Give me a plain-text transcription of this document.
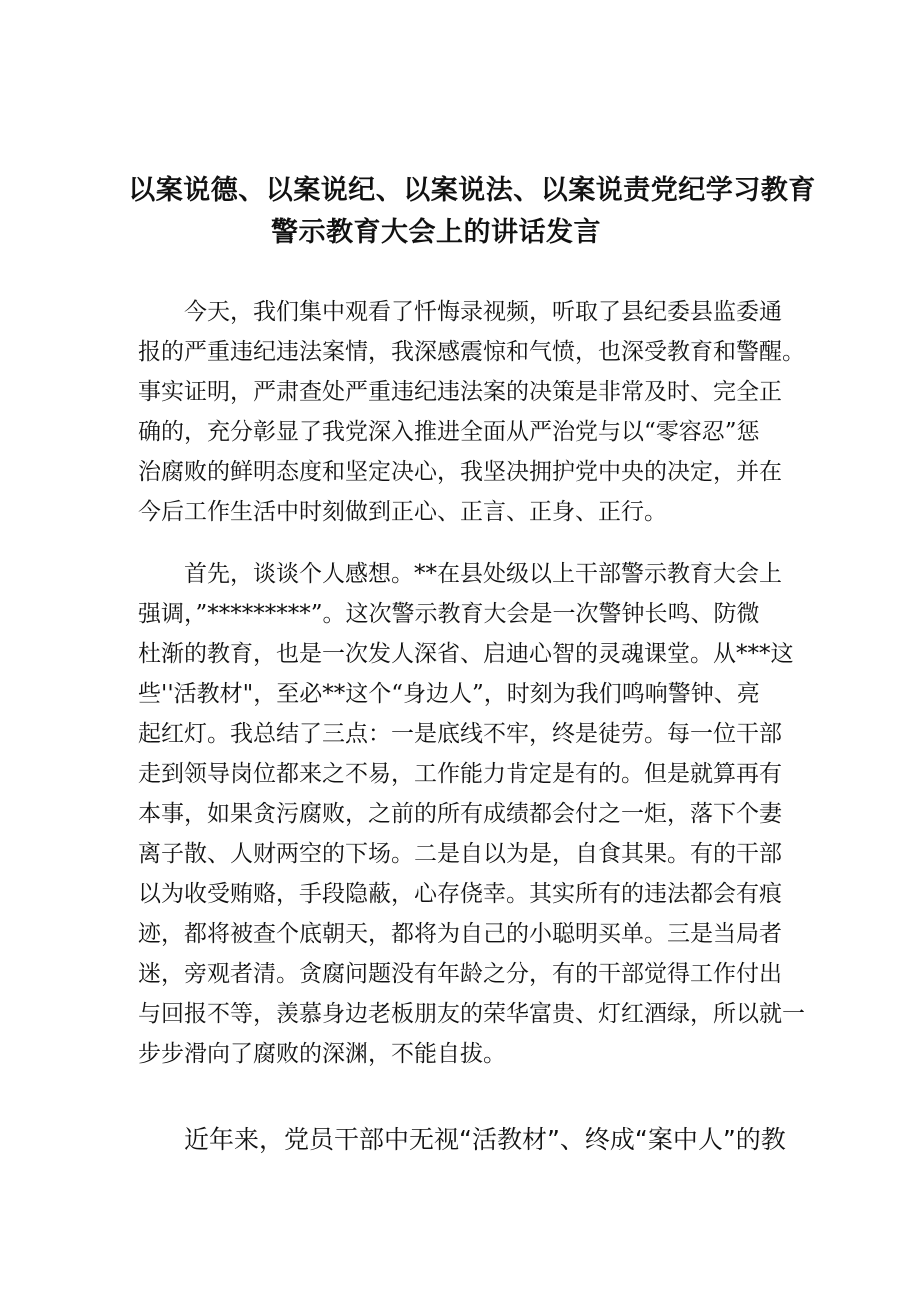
以案说德、以案说纪、以案说法、以案说责党纪学习教育
警示教育大会上的讲话发言
今天，我们集中观看了忏悔录视频，听取了县纪委县监委通
报的严重违纪违法案情，我深感震惊和气愤，也深受教育和警醒。
事实证明，严肃查处严重违纪违法案的决策是非常及时、完全正
确的，充分彰显了我党深入推进全面从严治党与以“零容忍”惩
治腐败的鲜明态度和坚定决心，我坚决拥护党中央的决定，并在
今后工作生活中时刻做到正心、正言、正身、正行。
首先，谈谈个人感想。**在县处级以上干部警示教育大会上
强调，”*********”。这次警示教育大会是一次警钟长鸣、防微
杜渐的教育，也是一次发人深省、启迪心智的灵魂课堂。从***这
些''活教材"，至必**这个“身边人”，时刻为我们鸣响警钟、亮
起红灯。我总结了三点：一是底线不牢，终是徒劳。每一位干部
走到领导岗位都来之不易，工作能力肯定是有的。但是就算再有
本事，如果贪污腐败，之前的所有成绩都会付之一炬，落下个妻
离子散、人财两空的下场。二是自以为是，自食其果。有的干部
以为收受贿赂，手段隐蔽，心存侥幸。其实所有的违法都会有痕
迹，都将被查个底朝天，都将为自己的小聪明买单。三是当局者
迷，旁观者清。贪腐问题没有年龄之分，有的干部觉得工作付出
与回报不等，羡慕身边老板朋友的荣华富贵、灯红酒绿，所以就一
步步滑向了腐败的深渊，不能自拔。
近年来，党员干部中无视“活教材”、终成“案中人”的教
